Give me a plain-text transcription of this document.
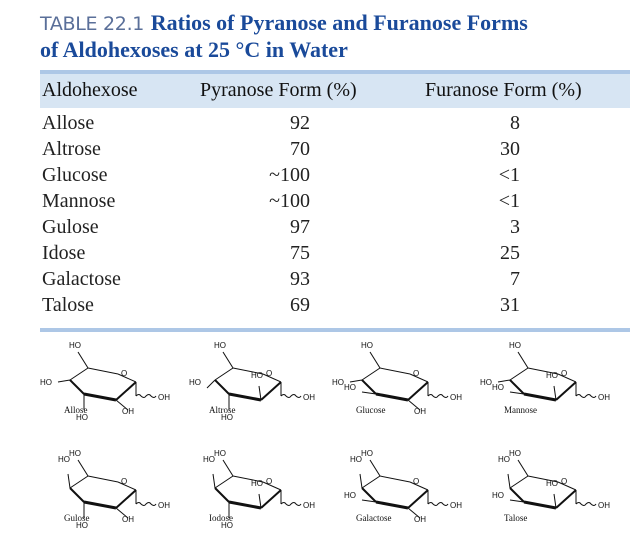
TABLE 22.1 Ratios of Pyranose and Furanose Forms
of Aldohexoses at 25 °C in Water
Aldohexose	Pyranose Form (%)	Furanose Form (%)
Allose	92	8
Altrose	70	30
Glucose	~100	<1
Mannose	~100	<1
Gulose	97	3
Idose	75	25
Galactose	93	7
Talose	69	31
O
HO
OH
HO
HO
OH
Allose
O
HO
OH
HO
HO
HO
Altrose
O
HO
OH
HO
HO
OH
Glucose
O
HO
OH
HO
HO
HO
Mannose
O
HO
OH
HO
HO
OH
Gulose
O
HO
OH
HO
HO
HO
Iodose
O
HO
OH
HO
HO
OH
Galactose
O
HO
OH
HO
HO
HO
Talose
